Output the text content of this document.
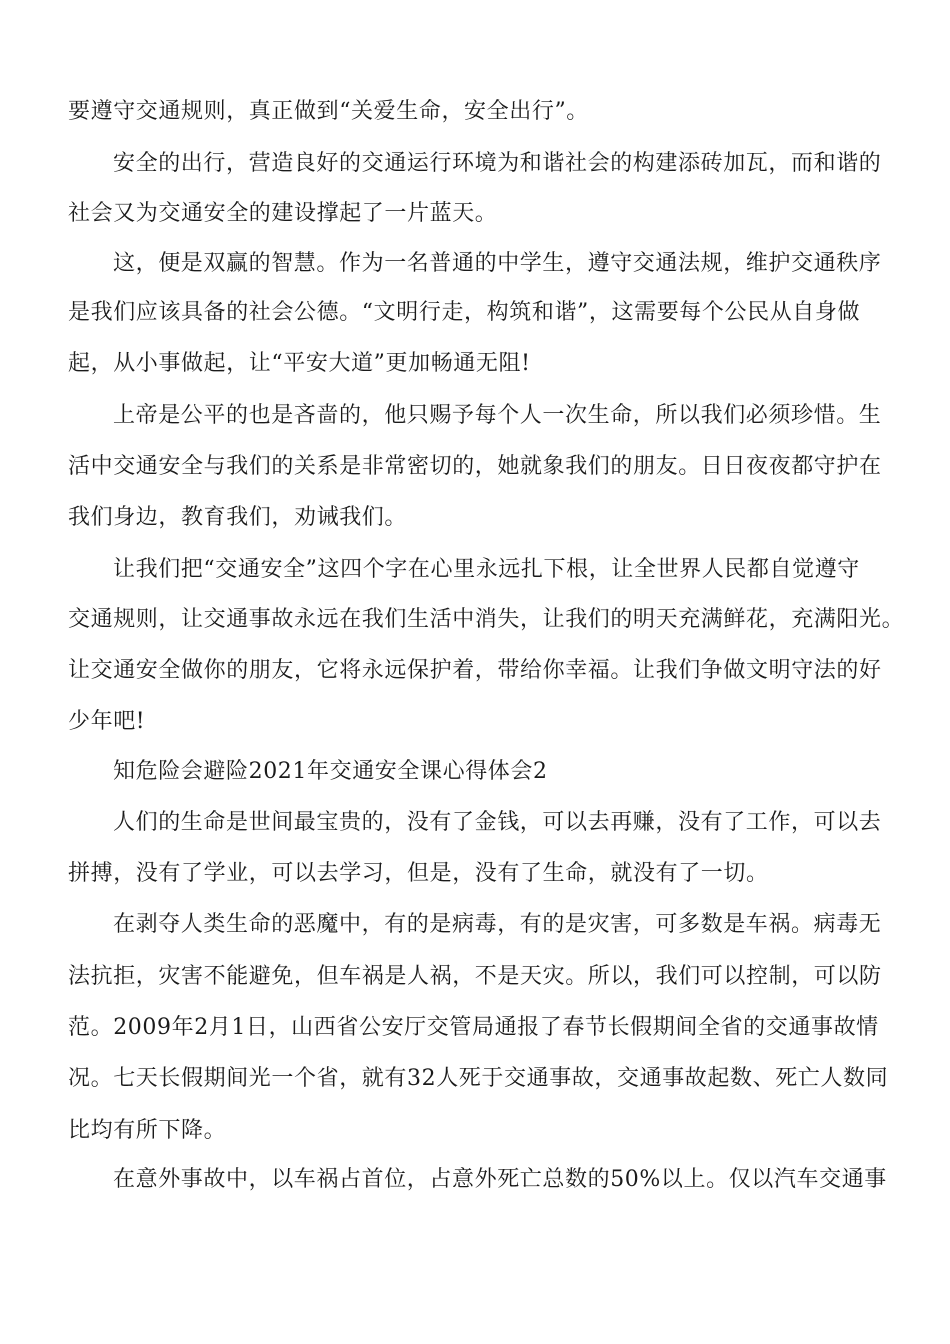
要遵守交通规则，真正做到“关爱生命，安全出行”。
安全的出行，营造良好的交通运行环境为和谐社会的构建添砖加瓦，而和谐的
社会又为交通安全的建设撑起了一片蓝天。
这，便是双赢的智慧。作为一名普通的中学生，遵守交通法规，维护交通秩序
是我们应该具备的社会公德。“文明行走，构筑和谐”，这需要每个公民从自身做
起，从小事做起，让“平安大道”更加畅通无阻!
上帝是公平的也是吝啬的，他只赐予每个人一次生命，所以我们必须珍惜。生
活中交通安全与我们的关系是非常密切的，她就象我们的朋友。日日夜夜都守护在
我们身边，教育我们，劝诫我们。
让我们把“交通安全”这四个字在心里永远扎下根，让全世界人民都自觉遵守
交通规则，让交通事故永远在我们生活中消失，让我们的明天充满鲜花，充满阳光。
让交通安全做你的朋友，它将永远保护着，带给你幸福。让我们争做文明守法的好
少年吧!
知危险会避险2021年交通安全课心得体会2
人们的生命是世间最宝贵的，没有了金钱，可以去再赚，没有了工作，可以去
拼搏，没有了学业，可以去学习，但是，没有了生命，就没有了一切。
在剥夺人类生命的恶魔中，有的是病毒，有的是灾害，可多数是车祸。病毒无
法抗拒，灾害不能避免，但车祸是人祸，不是天灾。所以，我们可以控制，可以防
范。2009年2月1日，山西省公安厅交管局通报了春节长假期间全省的交通事故情
况。七天长假期间光一个省，就有32人死于交通事故，交通事故起数、死亡人数同
比均有所下降。
在意外事故中，以车祸占首位，占意外死亡总数的50%以上。仅以汽车交通事
